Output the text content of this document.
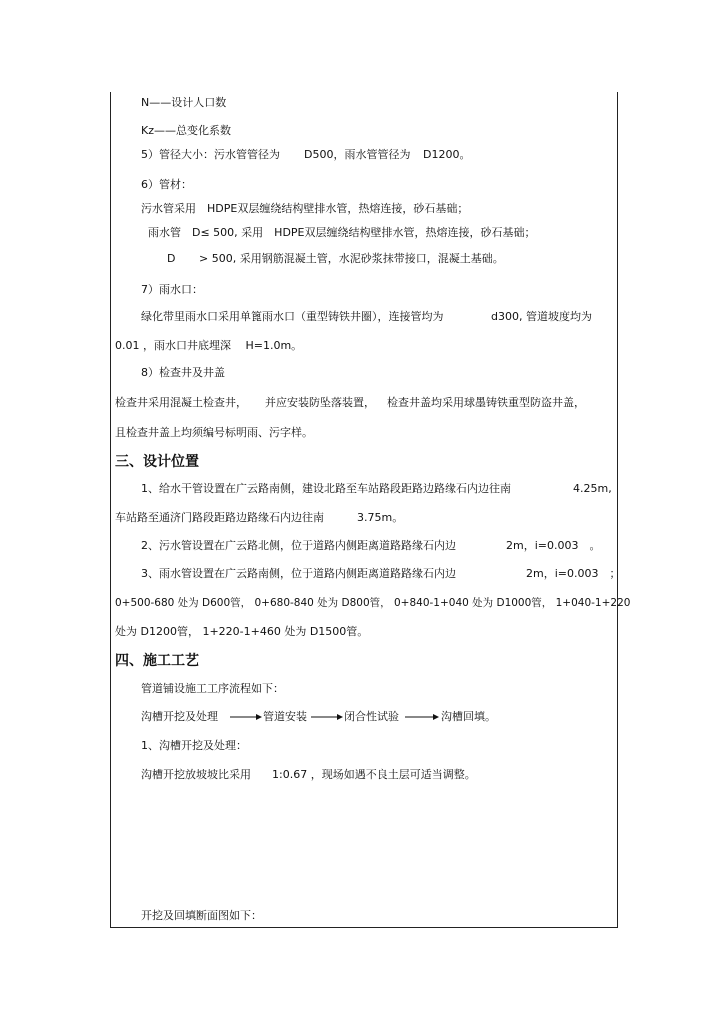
N——设计人口数
Kz——总变化系数
5）管径大小：污水管管径为 D500，雨水管管径为 D1200。
6）管材：
污水管采用　HDPE双层缠绕结构壁排水管，热熔连接，砂石基础；
雨水管　D≤ 500, 采用　HDPE双层缠绕结构壁排水管，热熔连接，砂石基础；
D > 500, 采用钢筋混凝土管，水泥砂浆抹带接口，混凝土基础。
7）雨水口：
绿化带里雨水口采用单篦雨水口（重型铸铁井圈），连接管均为	d300, 管道坡度均为
0.01 ，雨水口井底埋深　 H=1.0m。
8）检查井及井盖
检查井采用混凝土检查井， 并应安装防坠落装置， 检查井盖均采用球墨铸铁重型防盗井盖，
且检查井盖上均须编号标明雨、污字样。
三、设计位置
1、给水干管设置在广云路南侧，建设北路至车站路段距路边路缘石内边往南	4.25m,
车站路至通济门路段距路边路缘石内边往南	3.75m。
2、污水管设置在广云路北侧，位于道路内侧距离道路路缘石内边	2m，i=0.003　。
3、雨水管设置在广云路南侧，位于道路内侧距离道路路缘石内边	2m，i=0.003　；
0+500-680 处为 D600管， 0+680-840 处为 D800管， 0+840-1+040 处为 D1000管， 1+040-1+220
处为 D1200管， 1+220-1+460 处为 D1500管。
四、施工工艺
管道铺设施工工序流程如下：
沟槽开挖及处理	管道安装	闭合性试验	沟槽回填。
1、沟槽开挖及处理：
沟槽开挖放坡坡比采用 1:0.67 ，现场如遇不良土层可适当调整。
开挖及回填断面图如下：
